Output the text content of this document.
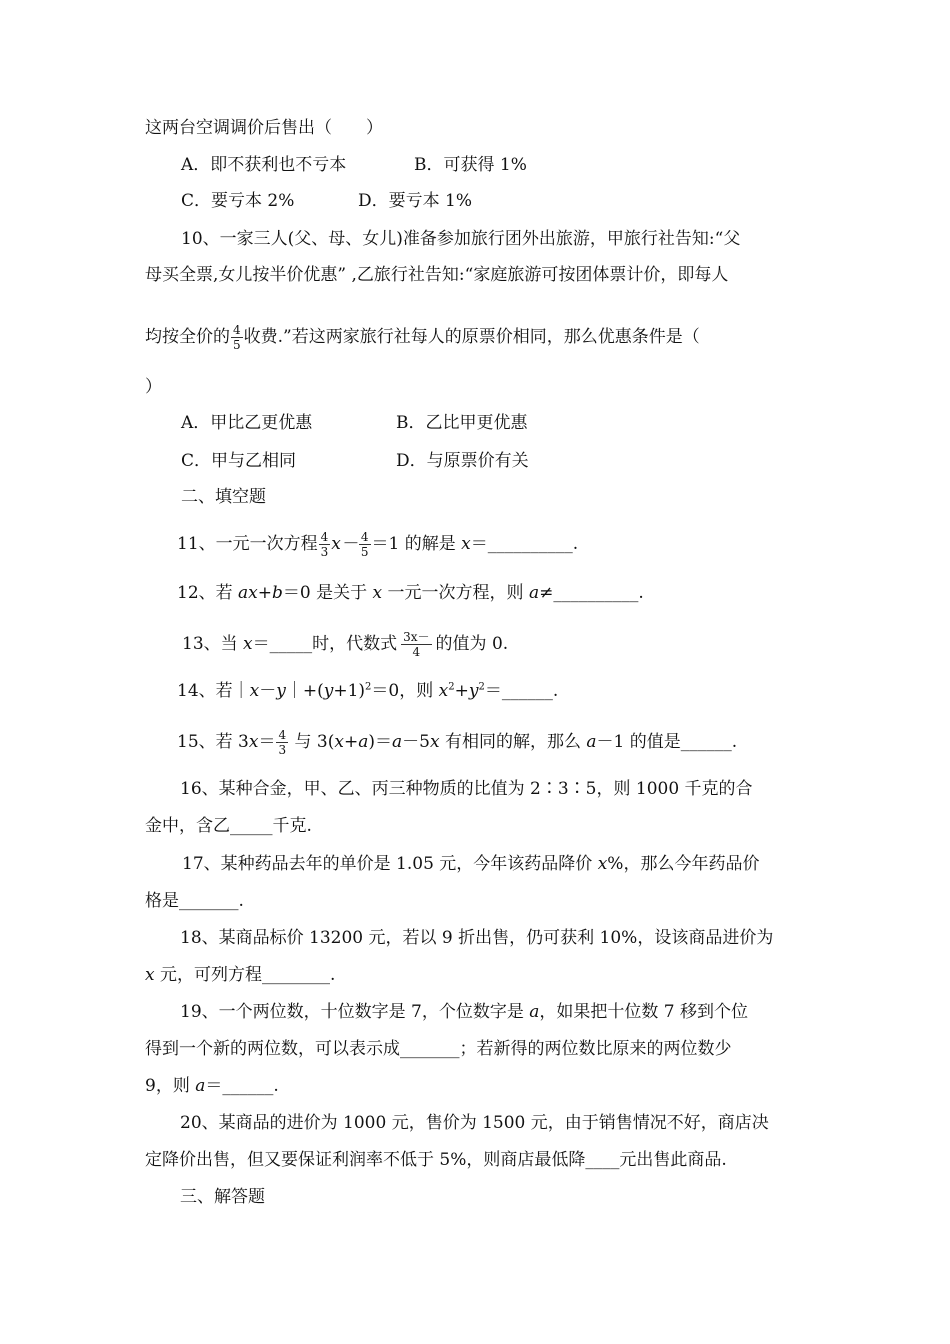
这两台空调调价后售出（　　）
A．即不获利也不亏本	B．可获得 1%
C．要亏本 2%	D．要亏本 1%
10、一家三人(父、母、女儿)准备参加旅行团外出旅游，甲旅行社告知:“父
母买全票,女儿按半价优惠” ,乙旅行社告知:“家庭旅游可按团体票计价，即每人
均按全价的 $\frac{4}{5}$ 收费.”若这两家旅行社每人的原票价相同，那么优惠条件是（
）
A．甲比乙更优惠	B．乙比甲更优惠
C．甲与乙相同	D．与原票价有关
二、填空题
11、一元一次方程 $\frac{4}{3} x- \frac{4}{5} =1$ 的解是 x＝__________.
12、若 ax+b＝0 是关于 x 一元一次方程，则 a≠__________.
13、当 x＝_____时，代数式 $\frac{3x-}{4}$ 的值为 0.
14、若$|x-y|+(y+1)^2=0$，则 $x^2+y^2=\_\_\_\_\_\_$.
15、若 $3x= \frac{4}{3}$ 与 3(x+a)＝a－5x 有相同的解，那么 a－1 的值是______.
16、某种合金，甲、乙、丙三种物质的比值为 2∶3∶5，则 1000 千克的合
金中，含乙_____千克.
17、某种药品去年的单价是 1.05 元，今年该药品降价 x%，那么今年药品价
格是_______.
18、某商品标价 13200 元，若以 9 折出售，仍可获利 10%，设该商品进价为
x 元，可列方程________.
19、一个两位数，十位数字是 7，个位数字是 a，如果把十位数 7 移到个位
得到一个新的两位数，可以表示成_______；若新得的两位数比原来的两位数少
9，则 a＝______.
20、某商品的进价为 1000 元，售价为 1500 元，由于销售情况不好，商店决
定降价出售，但又要保证利润率不低于 5%，则商店最低降____元出售此商品.
三、解答题
